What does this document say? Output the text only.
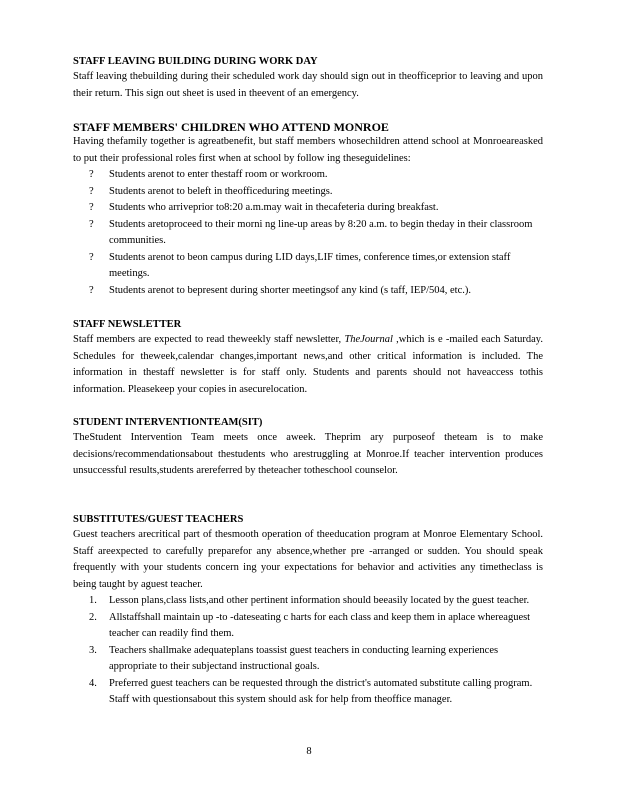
STAFF LEAVING BUILDING DURING WORK DAY

Staff leaving thebuilding during their scheduled work day should sign out in theofficeprior to leaving and upon their return. This sign out sheet is used in theevent of an emergency.

STAFF MEMBERS' CHILDREN WHO ATTEND MONROE

Having thefamily together is agreatbenefit, but staff members whosechildren attend school at Monroeareasked to put their professional roles first when at school by follow ing theseguidelines:

? Students arenot to enter thestaff room or workroom.
? Students arenot to beleft in theofficeduring meetings.
? Students who arriveprior to8:20 a.m.may wait in thecafeteria during breakfast.
? Students aretoproceed to their morni ng line-up areas by 8:20 a.m. to begin theday in their classroom communities.
? Students arenot to beon campus during LID days,LIF times, conference times,or extension staff meetings.
? Students arenot to bepresent during shorter meetingsof any kind (s taff, IEP/504, etc.).

STAFF NEWSLETTER

Staff members are expected to read theweekly staff newsletter, TheJournal ,which is e -mailed each Saturday. Schedules for theweek,calendar changes,important news,and other critical information is included. The information in thestaff newsletter is for staff only. Students and parents should not haveaccess tothis information. Pleasekeep your copies in asecurelocation.

STUDENT INTERVENTIONTEAM(SIT)

TheStudent Intervention Team meets once aweek. Theprim ary purposeof theteam is to make decisions/recommendationsabout thestudents who arestruggling at Monroe.If teacher intervention produces unsuccessful results,students arereferred by theteacher totheschool counselor.

SUBSTITUTES/GUEST TEACHERS

Guest teachers arecritical part of thesmooth operation of theeducation program at Monroe Elementary School. Staff areexpected to carefully preparefor any absence,whether pre -arranged or sudden. You should speak frequently with your students concern ing your expectations for behavior and activities any timetheclass is being taught by aguest teacher.

1. Lesson plans,class lists,and other pertinent information should beeasily located by the guest teacher.
2. Allstaffshall maintain up -to -dateseating c harts for each class and keep them in aplace whereaguest teacher can readily find them.
3. Teachers shallmake adequateplans toassist guest teachers in conducting learning experiences appropriate to their subjectand instructional goals.
4. Preferred guest teachers can be requested through the district's automated substitute calling program. Staff with questionsabout this system should ask for help from theoffice manager.
8
